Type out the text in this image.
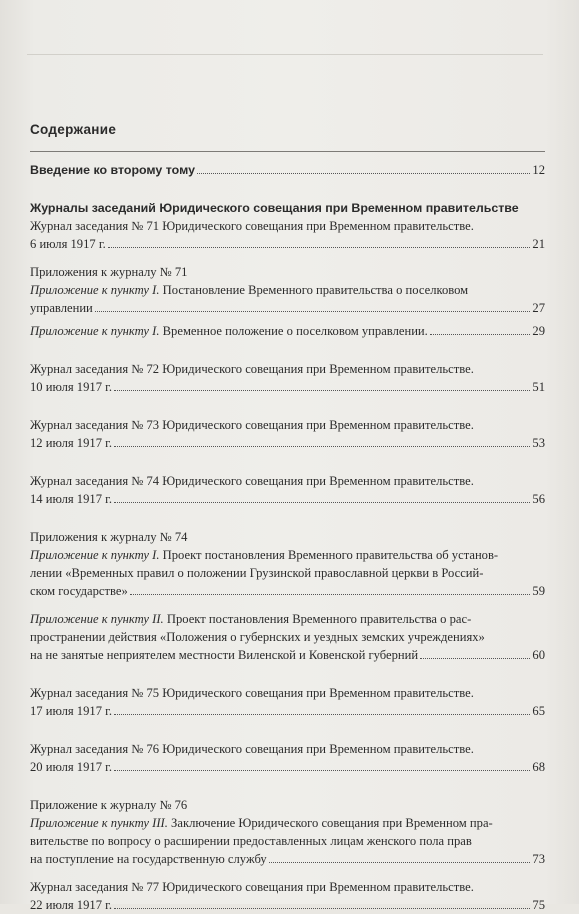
Содержание
Введение ко второму тому	12
Журналы заседаний Юридического совещания при Временном правительстве
Журнал заседания № 71 Юридического совещания при Временном правительстве.
6 июля 1917 г.	21
Приложения к журналу № 71
Приложение к пункту I. Постановление Временного правительства о поселковом
управлении	27
Приложение к пункту I. Временное положение о поселковом управлении.	29
Журнал заседания № 72 Юридического совещания при Временном правительстве.
10 июля 1917 г.	51
Журнал заседания № 73 Юридического совещания при Временном правительстве.
12 июля 1917 г.	53
Журнал заседания № 74 Юридического совещания при Временном правительстве.
14 июля 1917 г.	56
Приложения к журналу № 74
Приложение к пункту I. Проект постановления Временного правительства об установ-
лении «Временных правил о положении Грузинской православной церкви в Россий-
ском государстве»	59
Приложение к пункту II. Проект постановления Временного правительства о рас-
пространении действия «Положения о губернских и уездных земских учреждениях»
на не занятые неприятелем местности Виленской и Ковенской губерний	60
Журнал заседания № 75 Юридического совещания при Временном правительстве.
17 июля 1917 г.	65
Журнал заседания № 76 Юридического совещания при Временном правительстве.
20 июля 1917 г.	68
Приложение к журналу № 76
Приложение к пункту III. Заключение Юридического совещания при Временном пра-
вительстве по вопросу о расширении предоставленных лицам женского пола прав
на поступление на государственную службу	73
Журнал заседания № 77 Юридического совещания при Временном правительстве.
22 июля 1917 г.	75
